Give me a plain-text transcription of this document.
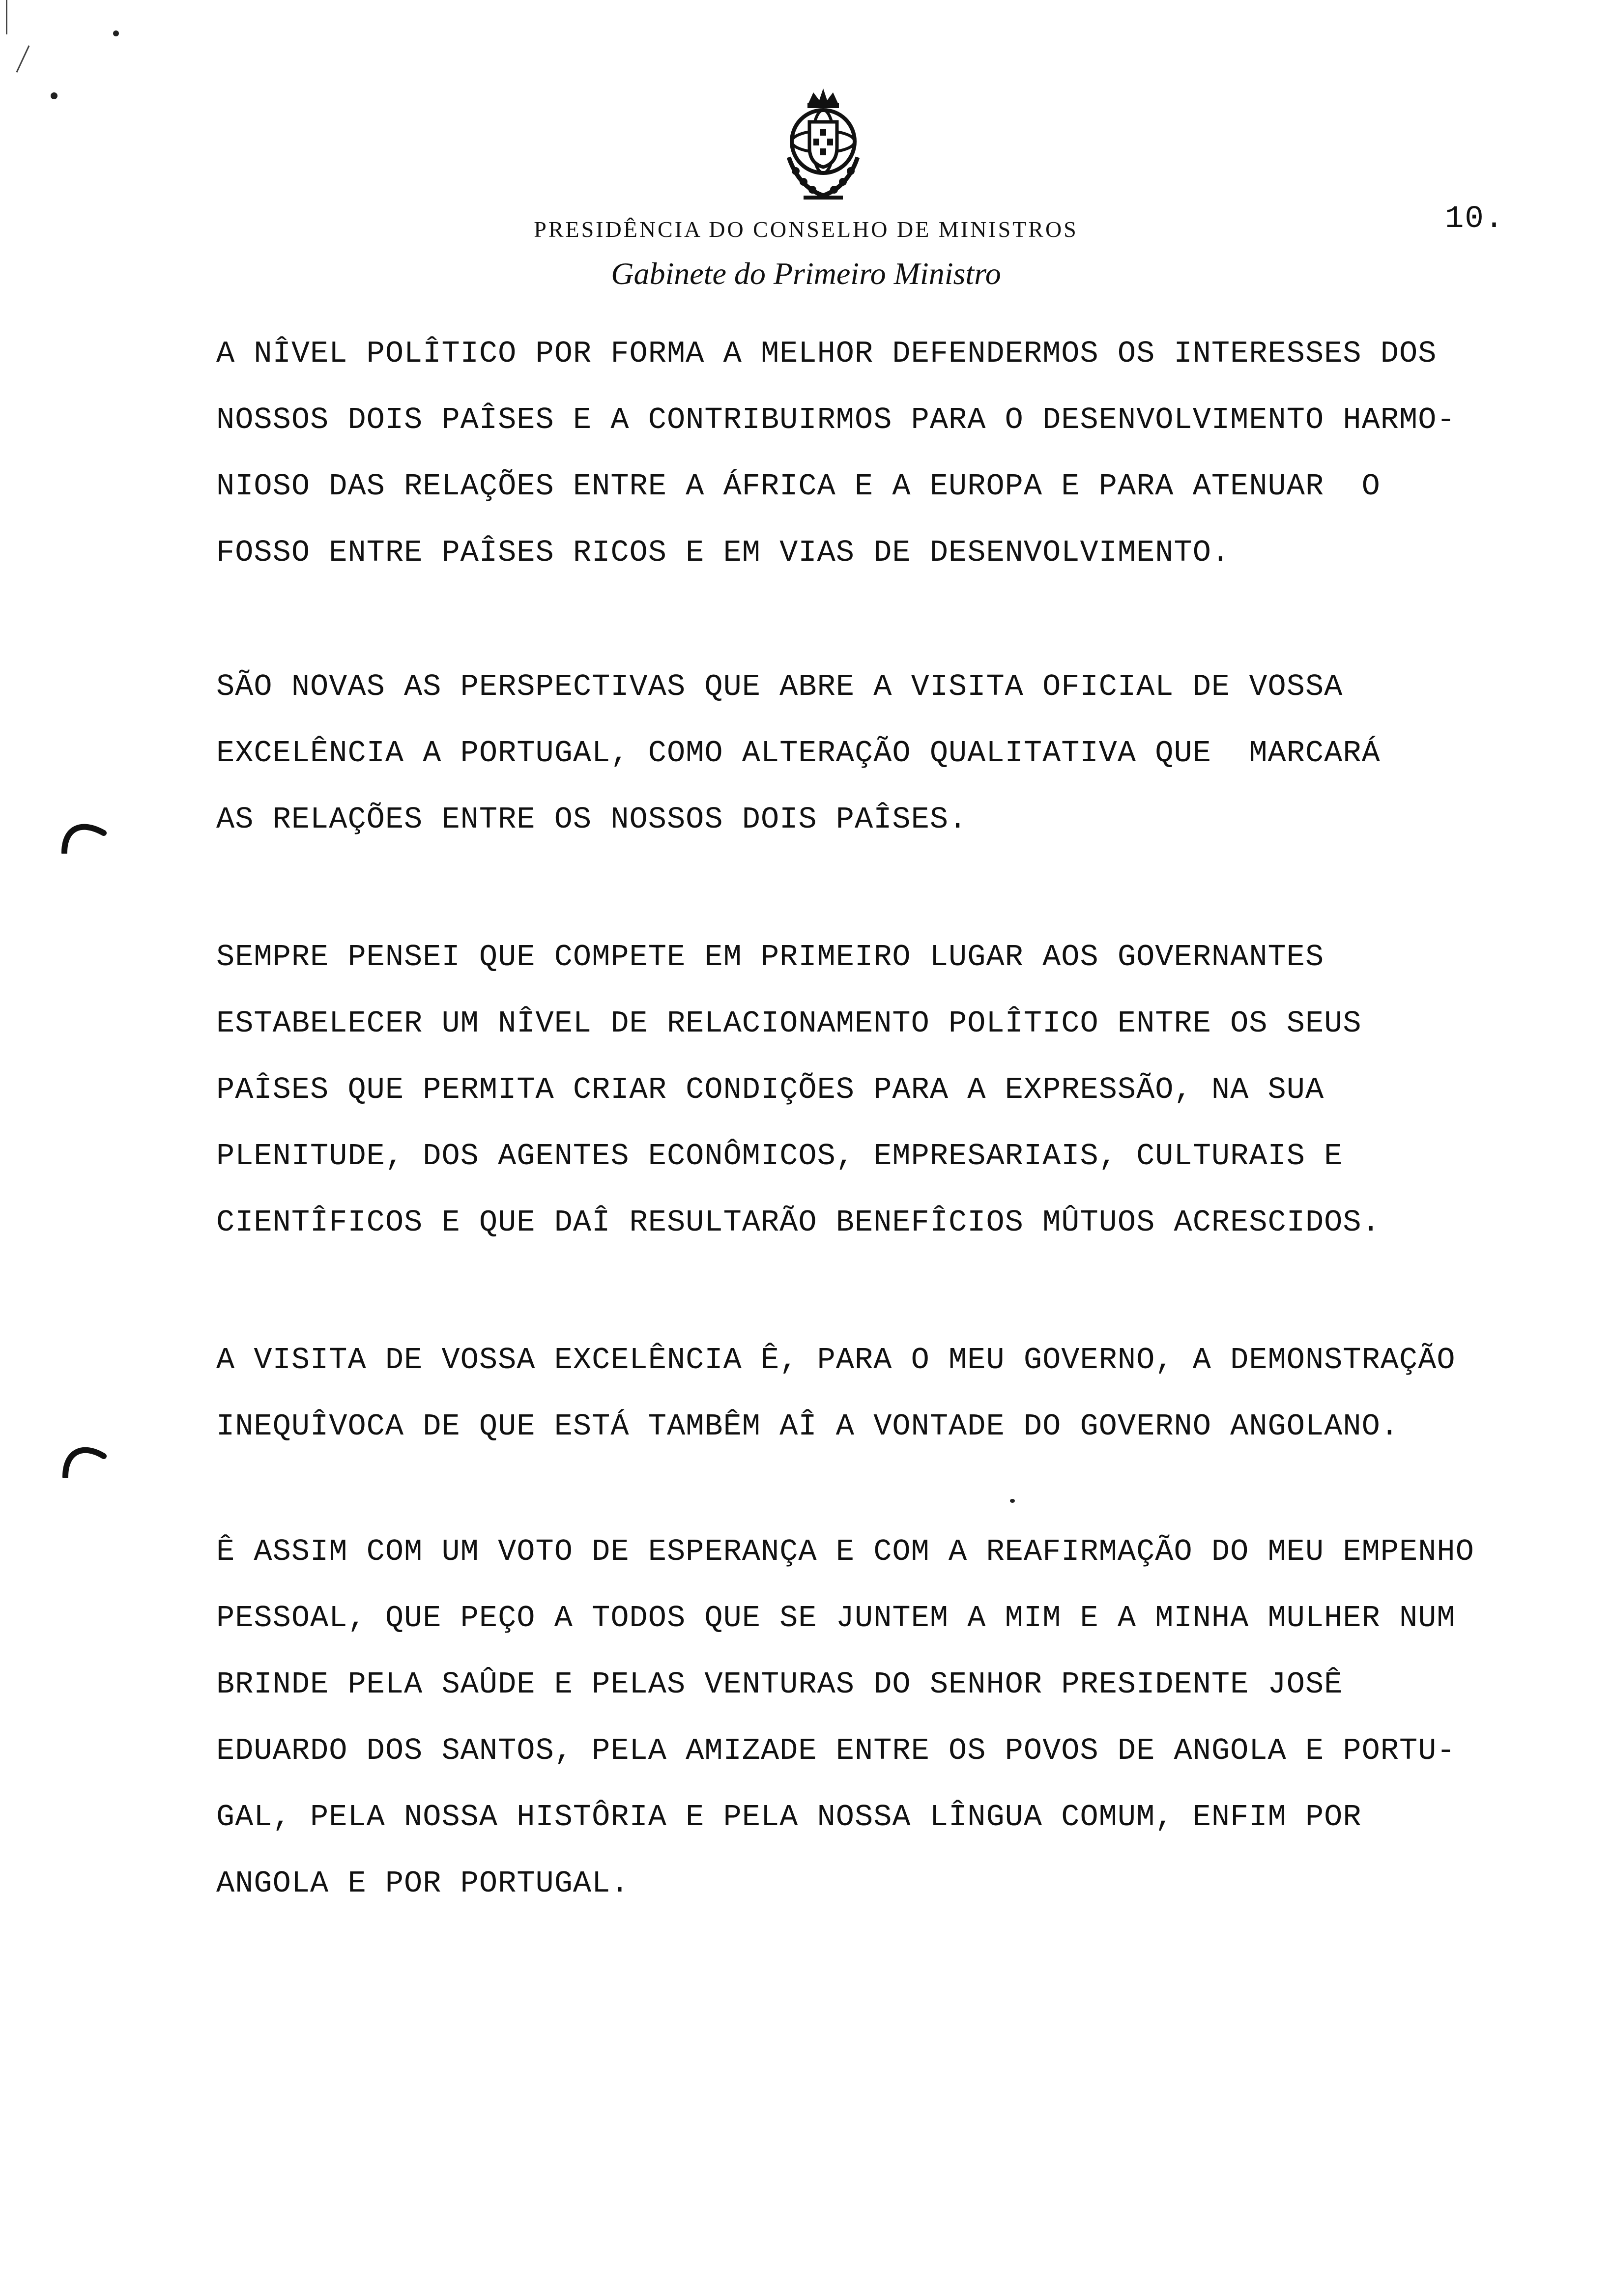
PRESIDÊNCIA DO CONSELHO DE MINISTROS
Gabinete do Primeiro Ministro
10.
A NÎVEL POLÎTICO POR FORMA A MELHOR DEFENDERMOS OS INTERESSES DOS
NOSSOS DOIS PAÎSES E A CONTRIBUIRMOS PARA O DESENVOLVIMENTO HARMO-
NIOSO DAS RELAÇÕES ENTRE A ÁFRICA E A EUROPA E PARA ATENUAR  O
FOSSO ENTRE PAÎSES RICOS E EM VIAS DE DESENVOLVIMENTO.
SÃO NOVAS AS PERSPECTIVAS QUE ABRE A VISITA OFICIAL DE VOSSA
EXCELÊNCIA A PORTUGAL, COMO ALTERAÇÃO QUALITATIVA QUE  MARCARÁ
AS RELAÇÕES ENTRE OS NOSSOS DOIS PAÎSES.
SEMPRE PENSEI QUE COMPETE EM PRIMEIRO LUGAR AOS GOVERNANTES
ESTABELECER UM NÎVEL DE RELACIONAMENTO POLÎTICO ENTRE OS SEUS
PAÎSES QUE PERMITA CRIAR CONDIÇÕES PARA A EXPRESSÃO, NA SUA
PLENITUDE, DOS AGENTES ECONÔMICOS, EMPRESARIAIS, CULTURAIS E
CIENTÎFICOS E QUE DAÎ RESULTARÃO BENEFÎCIOS MÛTUOS ACRESCIDOS.
A VISITA DE VOSSA EXCELÊNCIA Ê, PARA O MEU GOVERNO, A DEMONSTRAÇÃO
INEQUÎVOCA DE QUE ESTÁ TAMBÊM AÎ A VONTADE DO GOVERNO ANGOLANO.
Ê ASSIM COM UM VOTO DE ESPERANÇA E COM A REAFIRMAÇÃO DO MEU EMPENHO
PESSOAL, QUE PEÇO A TODOS QUE SE JUNTEM A MIM E A MINHA MULHER NUM
BRINDE PELA SAÛDE E PELAS VENTURAS DO SENHOR PRESIDENTE JOSÊ
EDUARDO DOS SANTOS, PELA AMIZADE ENTRE OS POVOS DE ANGOLA E PORTU-
GAL, PELA NOSSA HISTÔRIA E PELA NOSSA LÎNGUA COMUM, ENFIM POR
ANGOLA E POR PORTUGAL.
